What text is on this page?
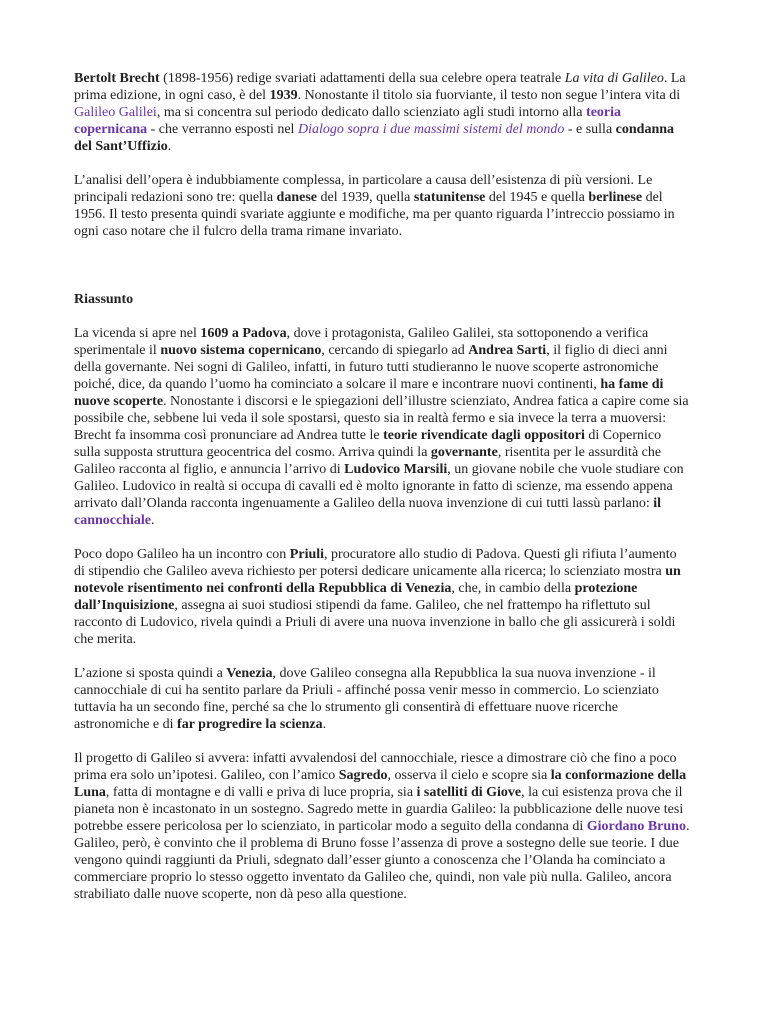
Bertolt Brecht (1898-1956) redige svariati adattamenti della sua celebre opera teatrale La vita di Galileo. La prima edizione, in ogni caso, è del 1939. Nonostante il titolo sia fuorviante, il testo non segue l’intera vita di Galileo Galilei, ma si concentra sul periodo dedicato dallo scienziato agli studi intorno alla teoria copernicana - che verranno esposti nel Dialogo sopra i due massimi sistemi del mondo - e sulla condanna del Sant’Uffizio.

L’analisi dell’opera è indubbiamente complessa, in particolare a causa dell’esistenza di più versioni. Le principali redazioni sono tre: quella danese del 1939, quella statunitense del 1945 e quella berlinese del 1956. Il testo presenta quindi svariate aggiunte e modifiche, ma per quanto riguarda l’intreccio possiamo in ogni caso notare che il fulcro della trama rimane invariato.

Riassunto

La vicenda si apre nel 1609 a Padova, dove i protagonista, Galileo Galilei, sta sottoponendo a verifica sperimentale il nuovo sistema copernicano, cercando di spiegarlo ad Andrea Sarti, il figlio di dieci anni della governante. Nei sogni di Galileo, infatti, in futuro tutti studieranno le nuove scoperte astronomiche poiché, dice, da quando l’uomo ha cominciato a solcare il mare e incontrare nuovi continenti, ha fame di nuove scoperte. Nonostante i discorsi e le spiegazioni dell’illustre scienziato, Andrea fatica a capire come sia possibile che, sebbene lui veda il sole spostarsi, questo sia in realtà fermo e sia invece la terra a muoversi: Brecht fa insomma così pronunciare ad Andrea tutte le teorie rivendicate dagli oppositori di Copernico sulla supposta struttura geocentrica del cosmo. Arriva quindi la governante, risentita per le assurdità che Galileo racconta al figlio, e annuncia l’arrivo di Ludovico Marsili, un giovane nobile che vuole studiare con Galileo. Ludovico in realtà si occupa di cavalli ed è molto ignorante in fatto di scienze, ma essendo appena arrivato dall’Olanda racconta ingenuamente a Galileo della nuova invenzione di cui tutti lassù parlano: il cannocchiale.

Poco dopo Galileo ha un incontro con Priuli, procuratore allo studio di Padova. Questi gli rifiuta l’aumento di stipendio che Galileo aveva richiesto per potersi dedicare unicamente alla ricerca; lo scienziato mostra un notevole risentimento nei confronti della Repubblica di Venezia, che, in cambio della protezione dall’Inquisizione, assegna ai suoi studiosi stipendi da fame. Galileo, che nel frattempo ha riflettuto sul racconto di Ludovico, rivela quindi a Priuli di avere una nuova invenzione in ballo che gli assicurerà i soldi che merita.

L’azione si sposta quindi a Venezia, dove Galileo consegna alla Repubblica la sua nuova invenzione - il cannocchiale di cui ha sentito parlare da Priuli - affinché possa venir messo in commercio. Lo scienziato tuttavia ha un secondo fine, perché sa che lo strumento gli consentirà di effettuare nuove ricerche astronomiche e di far progredire la scienza.

Il progetto di Galileo si avvera: infatti avvalendosi del cannocchiale, riesce a dimostrare ciò che fino a poco prima era solo un’ipotesi. Galileo, con l’amico Sagredo, osserva il cielo e scopre sia la conformazione della Luna, fatta di montagne e di valli e priva di luce propria, sia i satelliti di Giove, la cui esistenza prova che il pianeta non è incastonato in un sostegno. Sagredo mette in guardia Galileo: la pubblicazione delle nuove tesi potrebbe essere pericolosa per lo scienziato, in particolar modo a seguito della condanna di Giordano Bruno. Galileo, però, è convinto che il problema di Bruno fosse l’assenza di prove a sostegno delle sue teorie. I due vengono quindi raggiunti da Priuli, sdegnato dall’esser giunto a conoscenza che l’Olanda ha cominciato a commerciare proprio lo stesso oggetto inventato da Galileo che, quindi, non vale più nulla. Galileo, ancora strabiliato dalle nuove scoperte, non dà peso alla questione.
